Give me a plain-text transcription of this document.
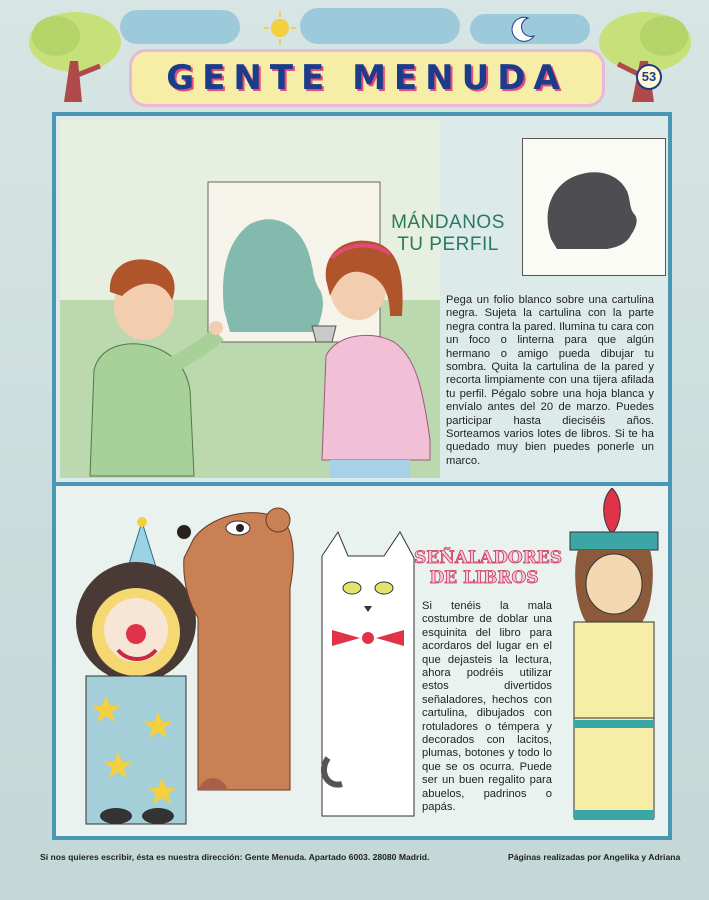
GENTE MENUDA	53
MÁNDANOS
TU PERFIL
Pega un folio blanco sobre una cartulina negra. Sujeta la cartulina con la parte negra contra la pared. Ilumina tu cara con un foco o linterna para que algún hermano o amigo pueda dibujar tu sombra. Quita la cartulina de la pared y recorta limpiamente con una tijera afilada tu perfil. Pégalo sobre una hoja blanca y envíalo antes del 20 de marzo. Puedes participar hasta dieciséis años. Sorteamos varios lotes de libros. Si te ha quedado muy bien puedes ponerle un marco.
SEÑALADORES
DE LIBROS
Si tenéis la mala costumbre de doblar una esquinita del libro para acordaros del lugar en el que dejasteis la lectura, ahora podréis utilizar estos divertidos señaladores, hechos con cartulina, dibujados con rotuladores o témpera y decorados con lacitos, plumas, botones y todo lo que se os ocurra. Puede ser un buen regalito para abuelos, padrinos o papás.
Si nos quieres escribir, ésta es nuestra dirección: Gente Menuda. Apartado 6003. 28080 Madrid.	Páginas realizadas por Angelika y Adriana
